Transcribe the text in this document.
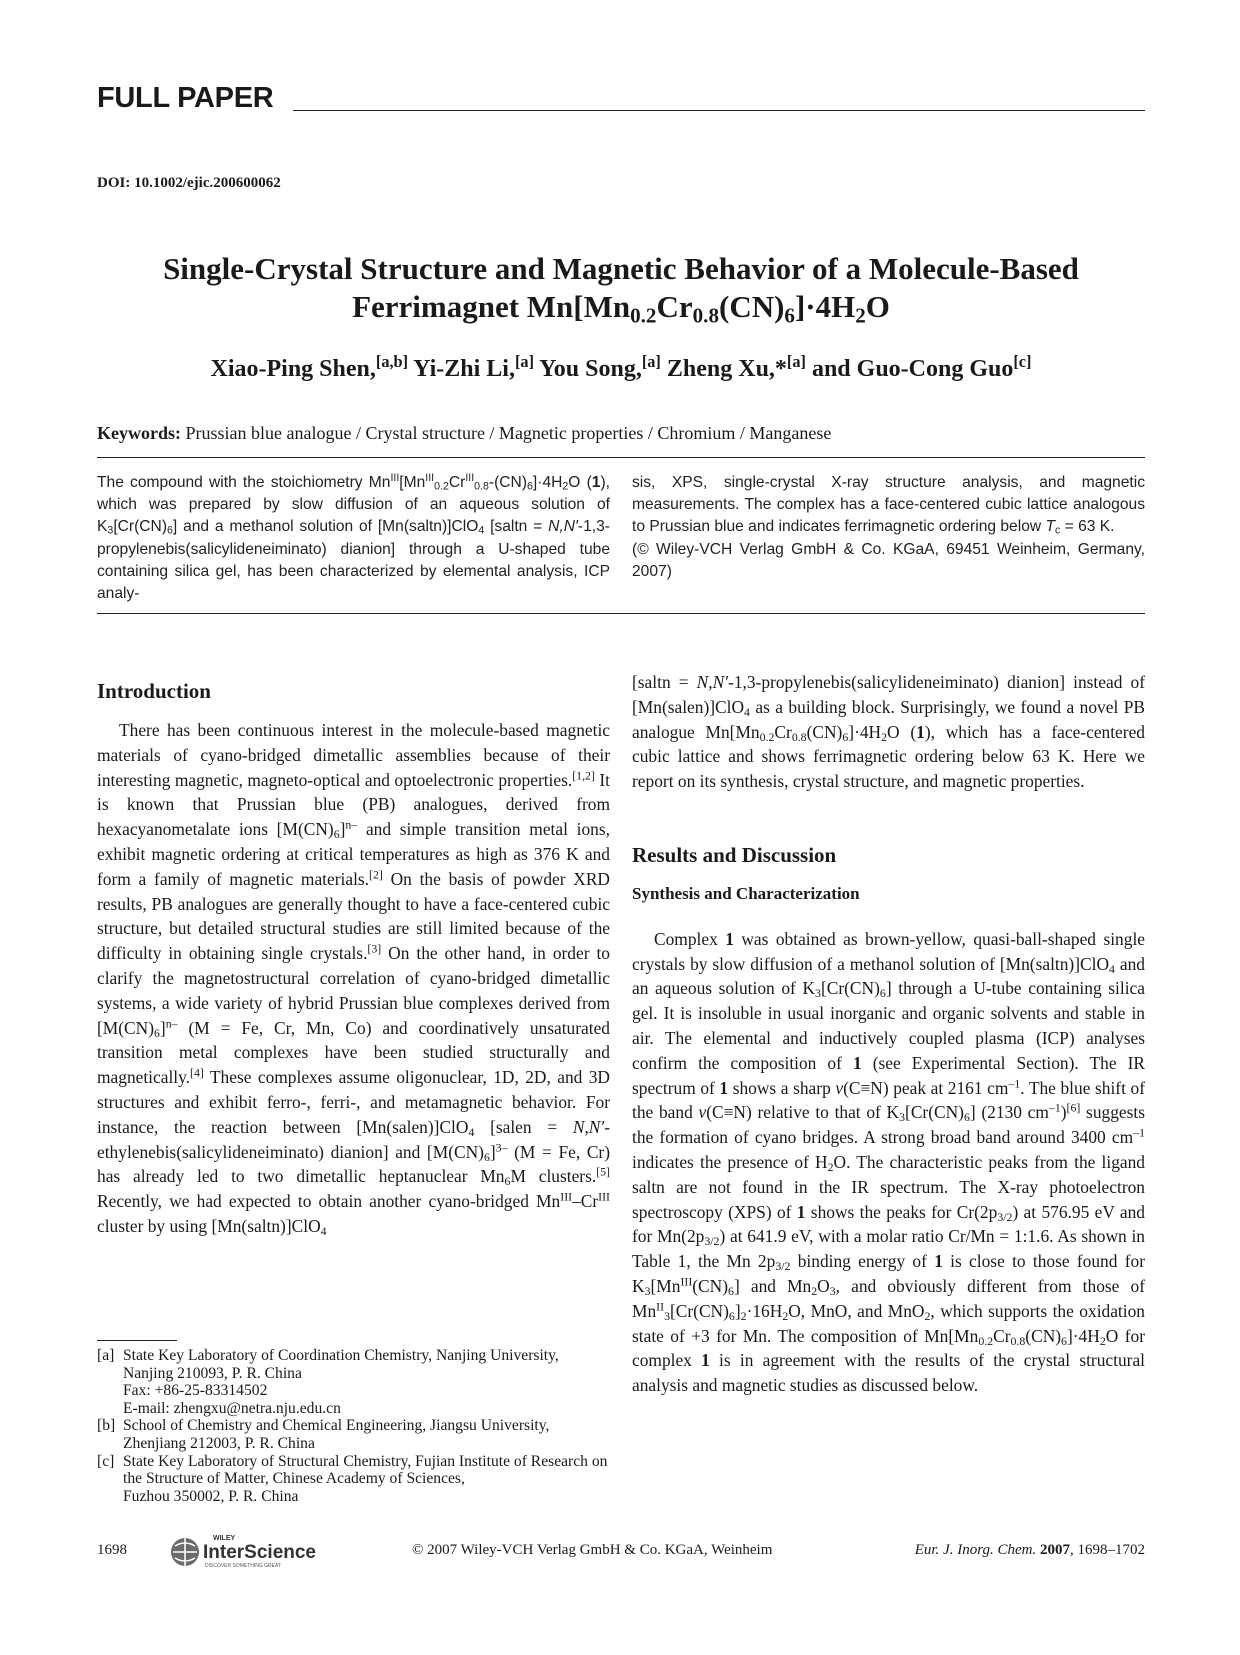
FULL PAPER
DOI: 10.1002/ejic.200600062
Single-Crystal Structure and Magnetic Behavior of a Molecule-Based
Ferrimagnet $Mn[Mn_{0.2}Cr_{0.8}(CN)_6]\cdot 4H_2O$
Xiao-Ping Shen,[a,b] Yi-Zhi Li,[a] You Song,[a] Zheng Xu,*[a] and Guo-Cong Guo[c]
Keywords: Prussian blue analogue / Crystal structure / Magnetic properties / Chromium / Manganese
The compound with the stoichiometry $Mn^{III}[Mn^{III}_{0.2}Cr^{III}_{0.8}-(CN)_6]\cdot 4H_2O$ (1), which was prepared by slow diffusion of an aqueous solution of $K_3[Cr(CN)_6]$ and a methanol solution of [Mn(saltn)]ClO$_4$ [saltn = N,N′-1,3-propylenebis(salicylideneiminato) dianion] through a U-shaped tube containing silica gel, has been characterized by elemental analysis, ICP analy-
sis, XPS, single-crystal X-ray structure analysis, and magnetic measurements. The complex has a face-centered cubic lattice analogous to Prussian blue and indicates ferrimagnetic ordering below $T_c = 63$ K.
(© Wiley-VCH Verlag GmbH & Co. KGaA, 69451 Weinheim, Germany, 2007)
Introduction

There has been continuous interest in the molecule-based magnetic materials of cyano-bridged dimetallic assemblies because of their interesting magnetic, magneto-optical and optoelectronic properties.[1,2] It is known that Prussian blue (PB) analogues, derived from hexacyanometalate ions $[M(CN)_6]^{n-}$ and simple transition metal ions, exhibit magnetic ordering at critical temperatures as high as 376 K and form a family of magnetic materials.[2] On the basis of powder XRD results, PB analogues are generally thought to have a face-centered cubic structure, but detailed structural studies are still limited because of the difficulty in obtaining single crystals.[3] On the other hand, in order to clarify the magnetostructural correlation of cyano-bridged dimetallic systems, a wide variety of hybrid Prussian blue complexes derived from $[M(CN)_6]^{n-}$ (M = Fe, Cr, Mn, Co) and coordinatively unsaturated transition metal complexes have been studied structurally and magnetically.[4] These complexes assume oligonuclear, 1D, 2D, and 3D structures and exhibit ferro-, ferri-, and metamagnetic behavior. For instance, the reaction between [Mn(salen)]ClO$_4$ [salen = N,N′-ethylenebis(salicylideneiminato) dianion] and $[M(CN)_6]^{3-}$ (M = Fe, Cr) has already led to two dimetallic heptanuclear $Mn_6M$ clusters.[5] Recently, we had expected to obtain another cyano-bridged $Mn^{III}-Cr^{III}$ cluster by using [Mn(saltn)]ClO$_4$

[a] State Key Laboratory of Coordination Chemistry, Nanjing University,
Nanjing 210093, P. R. China
Fax: +86-25-83314502
E-mail: zhengxu@netra.nju.edu.cn
[b] School of Chemistry and Chemical Engineering, Jiangsu University,
Zhenjiang 212003, P. R. China
[c] State Key Laboratory of Structural Chemistry, Fujian Institute of Research on the Structure of Matter, Chinese Academy of Sciences,
Fuzhou 350002, P. R. China

[saltn = N,N′-1,3-propylenebis(salicylideneiminato) dianion] instead of [Mn(salen)]ClO$_4$ as a building block. Surprisingly, we found a novel PB analogue $Mn[Mn_{0.2}Cr_{0.8}(CN)_6]\cdot 4H_2O$ (1), which has a face-centered cubic lattice and shows ferrimagnetic ordering below 63 K. Here we report on its synthesis, crystal structure, and magnetic properties.

Results and Discussion
Synthesis and Characterization

Complex 1 was obtained as brown-yellow, quasi-ball-shaped single crystals by slow diffusion of a methanol solution of [Mn(saltn)]ClO$_4$ and an aqueous solution of $K_3[Cr(CN)_6]$ through a U-tube containing silica gel. It is insoluble in usual inorganic and organic solvents and stable in air. The elemental and inductively coupled plasma (ICP) analyses confirm the composition of 1 (see Experimental Section). The IR spectrum of 1 shows a sharp ν(C≡N) peak at 2161 $cm^{-1}$. The blue shift of the band ν(C≡N) relative to that of $K_3[Cr(CN)_6]$ (2130 $cm^{-1})[6]$ suggests the formation of cyano bridges. A strong broad band around 3400 $cm^{-1}$ indicates the presence of $H_2O$. The characteristic peaks from the ligand saltn are not found in the IR spectrum. The X-ray photoelectron spectroscopy (XPS) of 1 shows the peaks for $Cr(2p_{3/2})$ at 576.95 eV and for $Mn(2p_{3/2})$ at 641.9 eV, with a molar ratio Cr/Mn = 1:1.6. As shown in Table 1, the Mn $2p_{3/2}$ binding energy of 1 is close to those found for $K_3[Mn^{III}(CN)_6]$ and $Mn_2O_3$, and obviously different from those of $Mn^{II}_3[Cr(CN)_6]_2\cdot 16H_2O$, MnO, and MnO$_2$, which supports the oxidation state of +3 for Mn. The composition of $Mn[Mn_{0.2}Cr_{0.8}(CN)_6]\cdot 4H_2O$ for complex 1 is in agreement with the results of the crystal structural analysis and magnetic studies as discussed below.

1698
WILEY
InterScience
DISCOVER SOMETHING GREAT
© 2007 Wiley-VCH Verlag GmbH & Co. KGaA, Weinheim	Eur. J. Inorg. Chem. 2007, 1698–1702
